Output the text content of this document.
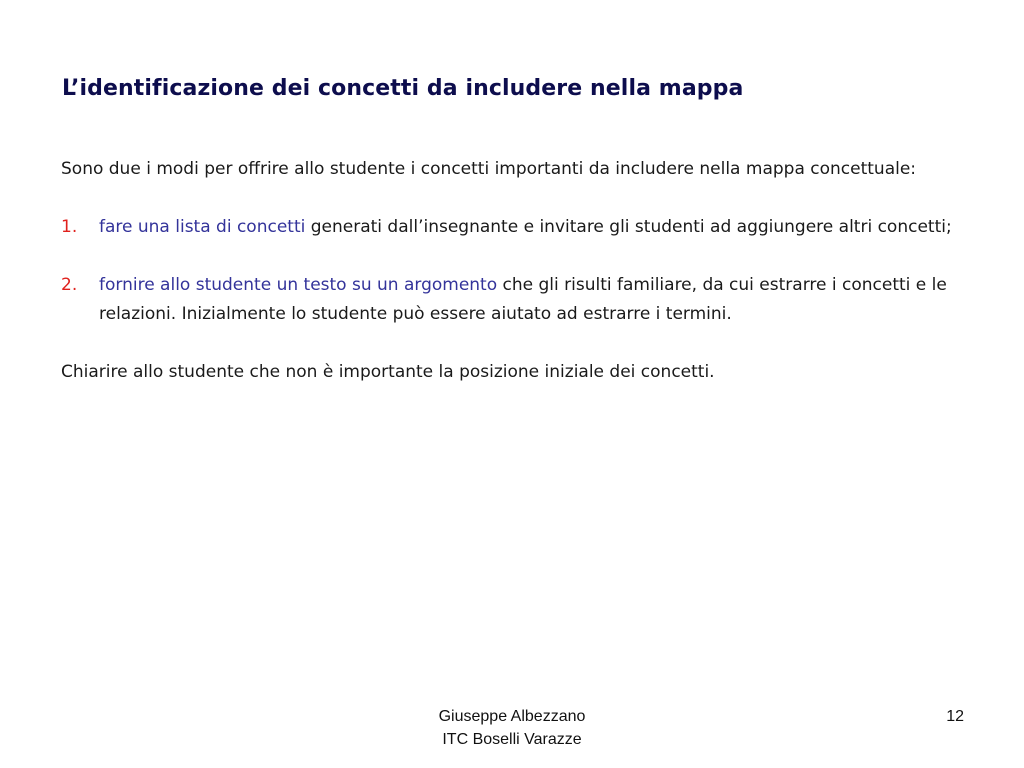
L’identificazione dei concetti da includere nella mappa

Sono due i modi per offrire allo studente i concetti importanti da includere nella mappa concettuale:

1. fare una lista di concetti generati dall’insegnante e invitare gli studenti ad aggiungere altri concetti;
2. fornire allo studente un testo su un argomento che gli risulti familiare, da cui estrarre i concetti e le relazioni. Inizialmente lo studente può essere aiutato ad estrarre i termini.

Chiarire allo studente che non è importante la posizione iniziale dei concetti.

Giuseppe Albezzano
ITC Boselli Varazze
12
